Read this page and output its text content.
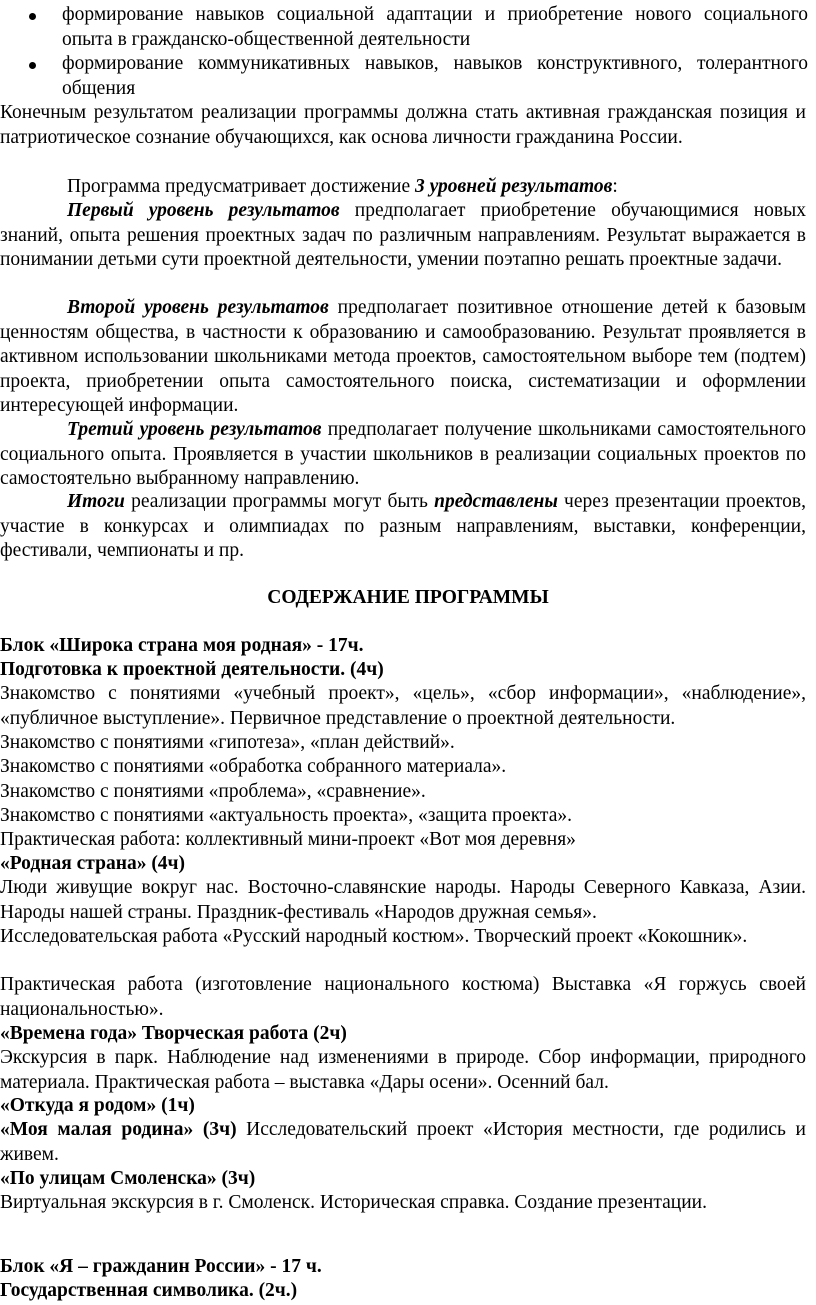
формирование навыков социальной адаптации и приобретение нового социального опыта в гражданско-общественной деятельности
формирование коммуникативных навыков, навыков конструктивного, толерантного общения
Конечным результатом реализации программы должна стать активная гражданская позиция и патриотическое сознание обучающихся, как основа личности гражданина России.
Программа предусматривает достижение 3 уровней результатов:
Первый уровень результатов предполагает приобретение обучающимися новых знаний, опыта решения проектных задач по различным направлениям. Результат выражается в понимании детьми сути проектной деятельности, умении поэтапно решать проектные задачи.
Второй уровень результатов предполагает позитивное отношение детей к базовым ценностям общества, в частности к образованию и самообразованию. Результат проявляется в активном использовании школьниками метода проектов, самостоятельном выборе тем (подтем) проекта, приобретении опыта самостоятельного поиска, систематизации и оформлении интересующей информации.
Третий уровень результатов предполагает получение школьниками самостоятельного социального опыта. Проявляется в участии школьников в реализации социальных проектов по самостоятельно выбранному направлению.
Итоги реализации программы могут быть представлены через презентации проектов, участие в конкурсах и олимпиадах по разным направлениям, выставки, конференции, фестивали, чемпионаты и пр.
СОДЕРЖАНИЕ ПРОГРАММЫ
Блок «Широка страна моя родная» - 17ч.
Подготовка к проектной деятельности. (4ч)
Знакомство с понятиями «учебный проект», «цель», «сбор информации», «наблюдение», «публичное выступление». Первичное представление о проектной деятельности.
Знакомство с понятиями «гипотеза», «план действий».
Знакомство с понятиями «обработка собранного материала».
Знакомство с понятиями «проблема», «сравнение».
Знакомство с понятиями «актуальность проекта», «защита проекта».
Практическая работа: коллективный мини-проект «Вот моя деревня»
«Родная страна» (4ч)
Люди живущие вокруг нас. Восточно-славянские народы. Народы Северного Кавказа, Азии. Народы нашей страны. Праздник-фестиваль «Народов дружная семья».
Исследовательская работа «Русский народный костюм». Творческий проект «Кокошник».
Практическая работа (изготовление национального костюма) Выставка «Я горжусь своей национальностью».
«Времена года» Творческая работа (2ч)
Экскурсия в парк. Наблюдение над изменениями в природе. Сбор информации, природного материала. Практическая работа – выставка «Дары осени». Осенний бал.
«Откуда я родом» (1ч)
«Моя малая родина» (3ч) Исследовательский проект «История местности, где родились и живем.
«По улицам Смоленска» (3ч)
Виртуальная экскурсия в г. Смоленск. Историческая справка. Создание презентации.
Блок «Я – гражданин России» - 17 ч.
Государственная символика. (2ч.)
